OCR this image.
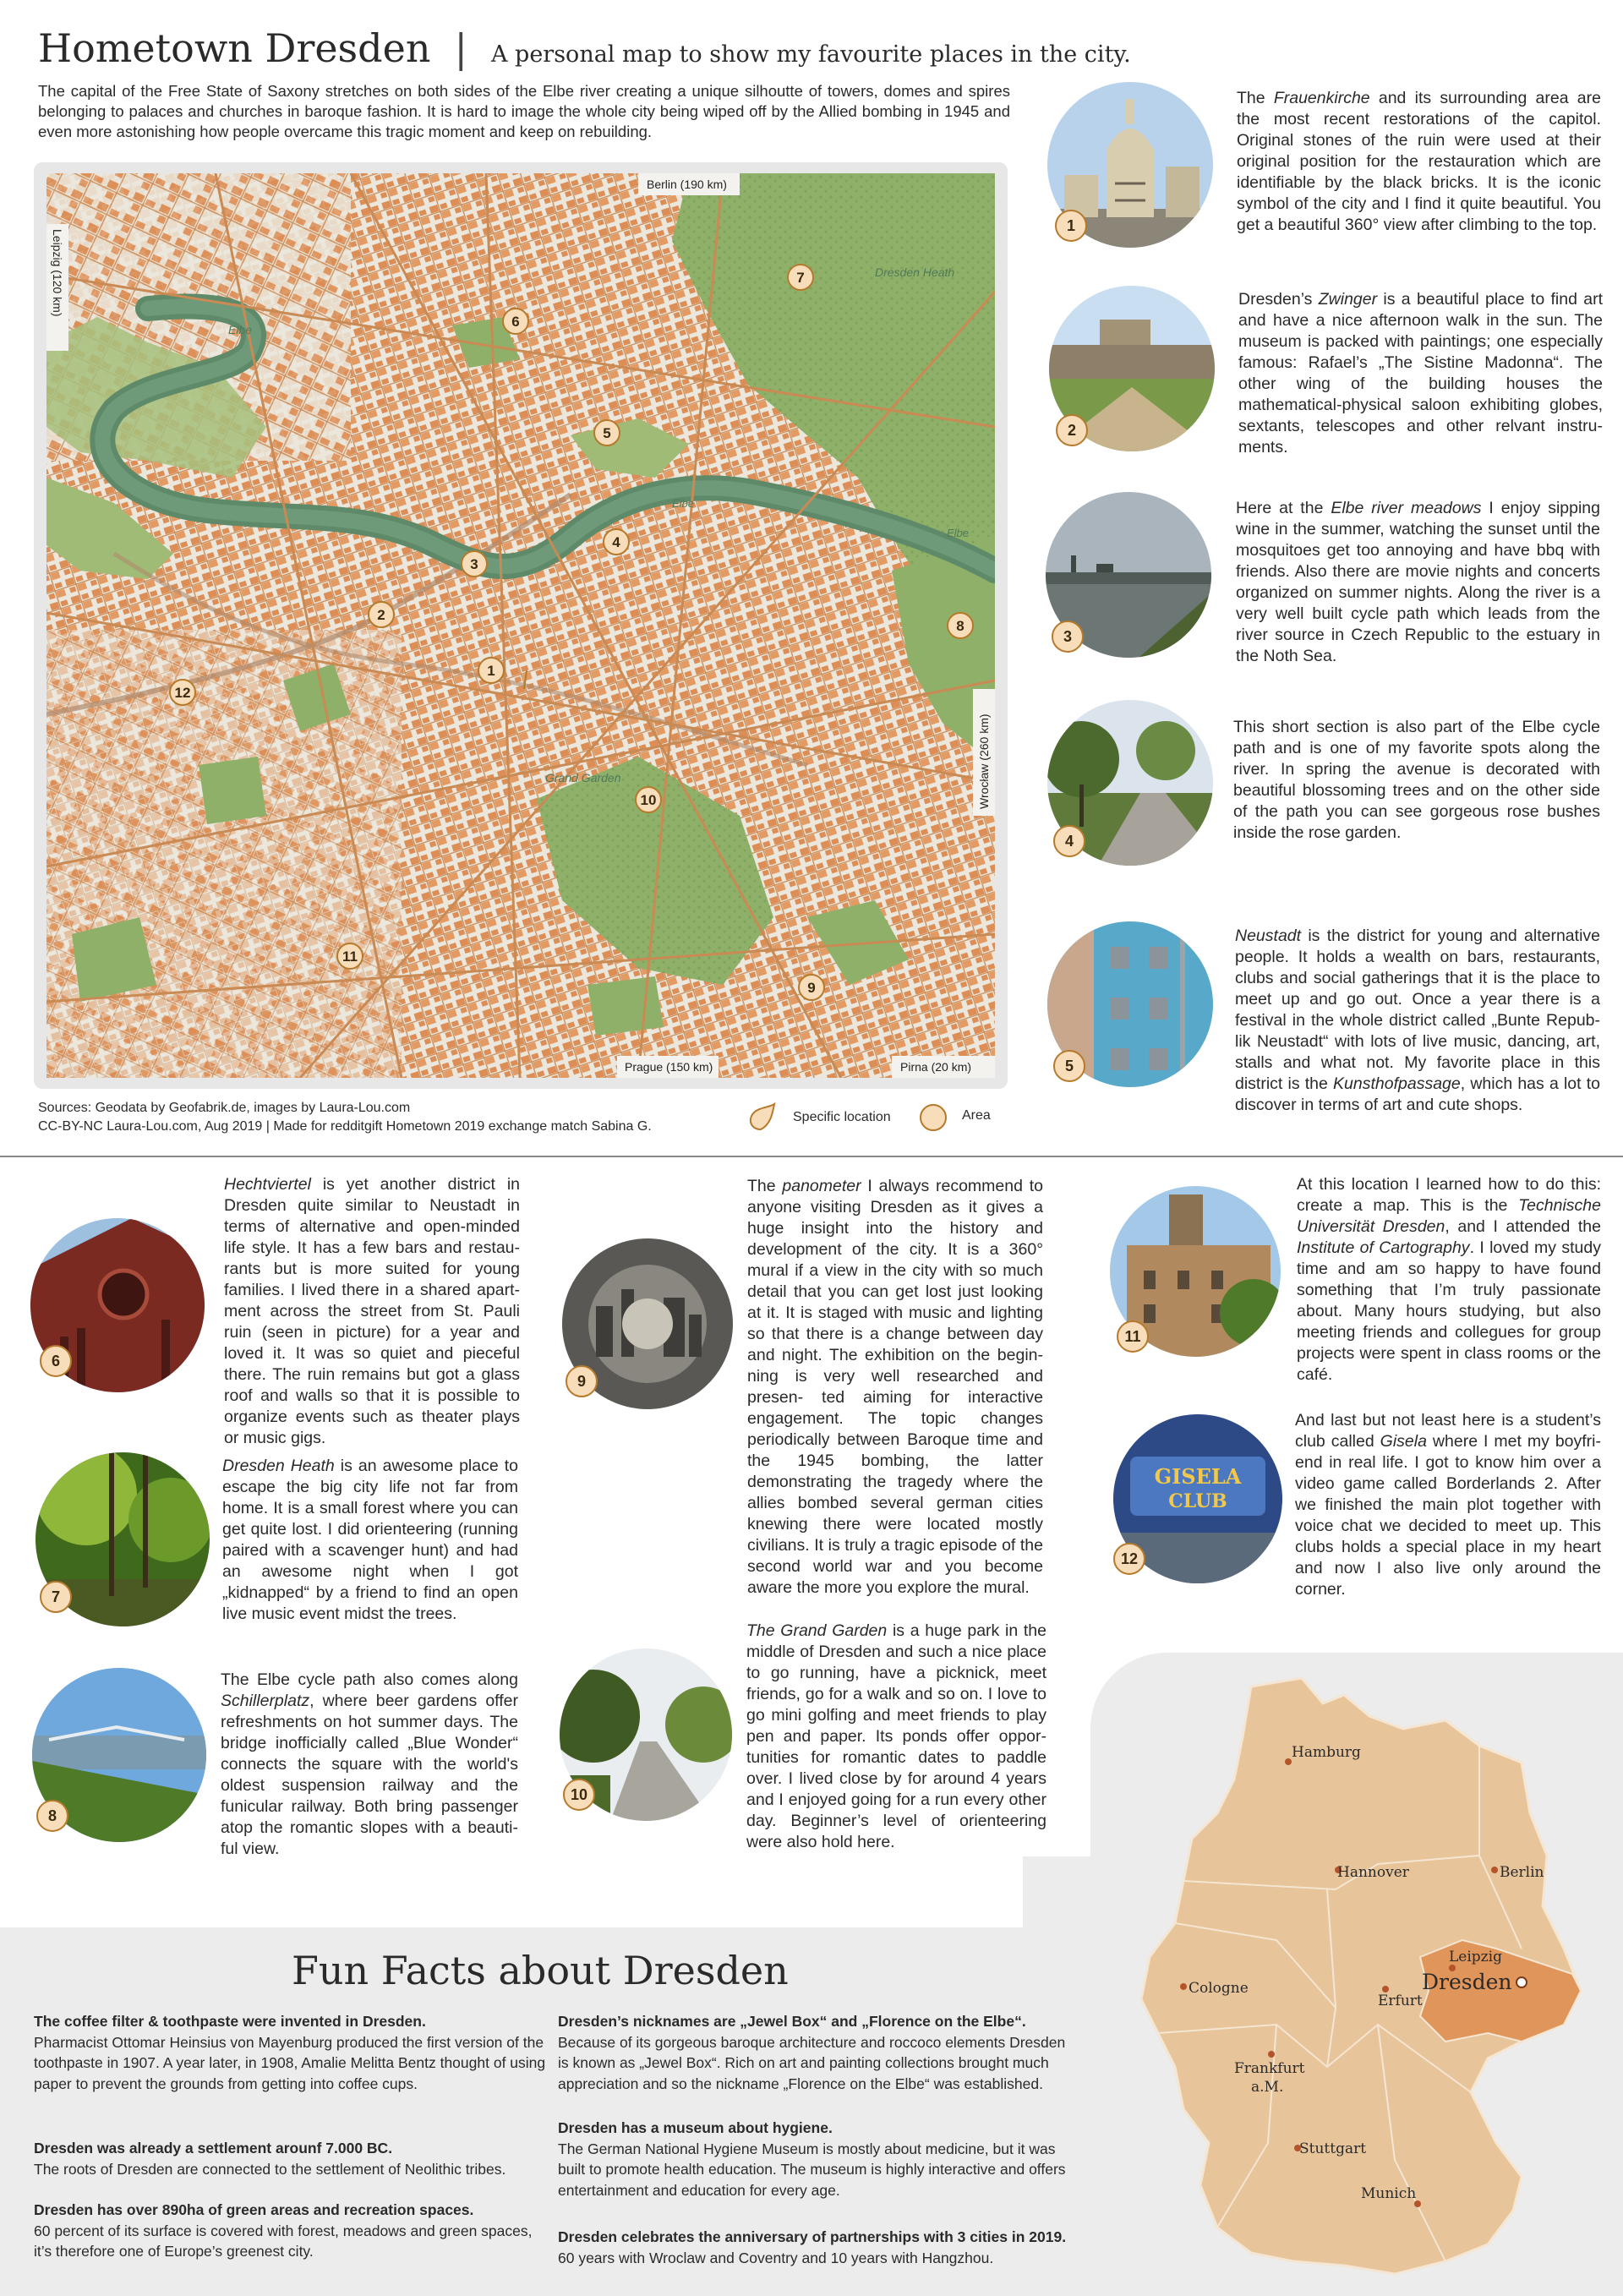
Hometown Dresden | A personal map to show my favourite places in the city.
The capital of the Free State of Saxony stretches on both sides of the Elbe river creating a unique silhoutte of towers, domes and spires belonging to palaces and churches in baroque fashion. It is hard to image the whole city being wiped off by the Allied bombing in 1945 and even more astonishing how people overcame this tragic moment and keep on rebuilding.
Elbe
Elbe
Elbe
Dresden Heath
Grand Garden
Berlin (190 km)
Leipzig (120 km)
Wrocław (260 km)
Prague (150 km)	Pirna (20 km)
1
2
3
4
5
6
7
8
9
10
11
12
Sources: Geodata by Geofabrik.de, images by Laura-Lou.com
CC-BY-NC Laura-Lou.com, Aug 2019 | Made for redditgift Hometown 2019 exchange match Sabina G.
Specific location	Area
1
2
3
4
5
The Frauenkirche and its surrounding area are the most recent restorations of the capitol. Original stones of the ruin were used at their original position for the restauration which are identifiable by the black bricks. It is the iconic symbol of the city and I find it quite beautiful. You get a beautiful 360° view after climbing to the top.
Dresden’s Zwinger is a beautiful place to find art and have a nice afternoon walk in the sun. The museum is packed with paintings; one especially famous: Rafael’s „The Sistine Madonna“. The other wing of the building houses the mathematical-physical saloon exhibiting globes, sextants, telescopes and other relvant instru- ments.
Here at the Elbe river meadows I enjoy sipping wine in the summer, watching the sunset until the mosquitoes get too annoying and have bbq with friends. Also there are movie nights and concerts organized on summer nights. Along the river is a very well built cycle path which leads from the river source in Czech Republic to the estuary in the Noth Sea.
This short section is also part of the Elbe cycle path and is one of my favorite spots along the river. In spring the avenue is decorated with beautiful blossoming trees and on the other side of the path you can see gorgeous rose bushes inside the rose garden.
Neustadt is the district for young and alternative people. It holds a wealth on bars, restaurants, clubs and social gatherings that it is the place to meet up and go out. Once a year there is a festival in the whole district called „Bunte Repub- lik Neustadt“ with lots of live music, dancing, art, stalls and what not. My favorite place in this district is the Kunsthofpassage, which has a lot to discover in terms of art and cute shops.
6
Hechtviertel is yet another district in Dresden quite similar to Neustadt in terms of alternative and open-minded life style. It has a few bars and restau- rants but is more suited for young families. I lived there in a shared apart- ment across the street from St. Pauli ruin (seen in picture) for a year and loved it. It was so quiet and pieceful there. The ruin remains but got a glass roof and walls so that it is possible to organize events such as theater plays or music gigs.
7
Dresden Heath is an awesome place to escape the big city life not far from home. It is a small forest where you can get quite lost. I did orienteering (running paired with a scavenger hunt) and had an awesome night when I got „kidnapped“ by a friend to find an open live music event midst the trees.
8
The Elbe cycle path also comes along Schillerplatz, where beer gardens offer refreshments on hot summer days. The bridge inofficially called „Blue Wonder“ connects the square with the world's oldest suspension railway and the funicular railway. Both bring passenger atop the romantic slopes with a beauti- ful view.
9
The panometer I always recommend to anyone visiting Dresden as it gives a huge insight into the history and development of the city. It is a 360° mural if a view in the city with so much detail that you can get lost just looking at it. It is staged with music and lighting so that there is a change between day and night. The exhibition on the begin- ning is very well researched and presen- ted aiming for interactive engagement. The topic changes periodically between Baroque time and the 1945 bombing, the latter demonstrating the tragedy where the allies bombed several german cities knewing there were located mostly civilians. It is truly a tragic episode of the second world war and you become aware the more you explore the mural.
10
The Grand Garden is a huge park in the middle of Dresden and such a nice place to go running, have a picknick, meet friends, go for a walk and so on. I love to go mini golfing and meet friends to play pen and paper. Its ponds offer oppor- tunities for romantic dates to paddle over. I lived close by for around 4 years and I enjoyed going for a run every other day. Beginner’s level of orienteering were also hold here.
11
At this location I learned how to do this: create a map. This is the Technische Universität Dresden, and I attended the Institute of Cartography. I loved my study time and am so happy to have found something that I’m truly passionate about. Many hours studying, but also meeting friends and collegues for group projects were spent in class rooms or the café.
GISELA
CLUB
12
And last but not least here is a student’s club called Gisela where I met my boyfri- end in real life. I got to know him over a video game called Borderlands 2. After we finished the main plot together with voice chat we decided to meet up. This clubs holds a special place in my heart and now I also live only around the corner.
Fun Facts about Dresden
The coffee filter & toothpaste were invented in Dresden.
Pharmacist Ottomar Heinsius von Mayenburg produced the first version of the toothpaste in 1907. A year later, in 1908, Amalie Melitta Bentz thought of using paper to prevent the grounds from getting into coffee cups.
Dresden was already a settlement arounf 7.000 BC.
The roots of Dresden are connected to the settlement of Neolithic tribes.
Dresden has over 890ha of green areas and recreation spaces.
60 percent of its surface is covered with forest, meadows and green spaces, it’s therefore one of Europe’s greenest city.
Dresden’s nicknames are „Jewel Box“ and „Florence on the Elbe“.
Because of its gorgeous baroque architecture and roccoco elements Dresden is known as „Jewel Box“. Rich on art and painting collections brought much appreciation and so the nickname „Florence on the Elbe“ was established.
Dresden has a museum about hygiene.
The German National Hygiene Museum is mostly about medicine, but it was built to promote health education. The museum is highly interactive and offers entertainment and education for every age.
Dresden celebrates the anniversary of partnerships with 3 cities in 2019.
60 years with Wroclaw and Coventry and 10 years with Hangzhou.
Hamburg
Hannover	Berlin
Cologne
Leipzig
Dresden
Erfurt
Frankfurt
a.M.
Stuttgart
Munich
